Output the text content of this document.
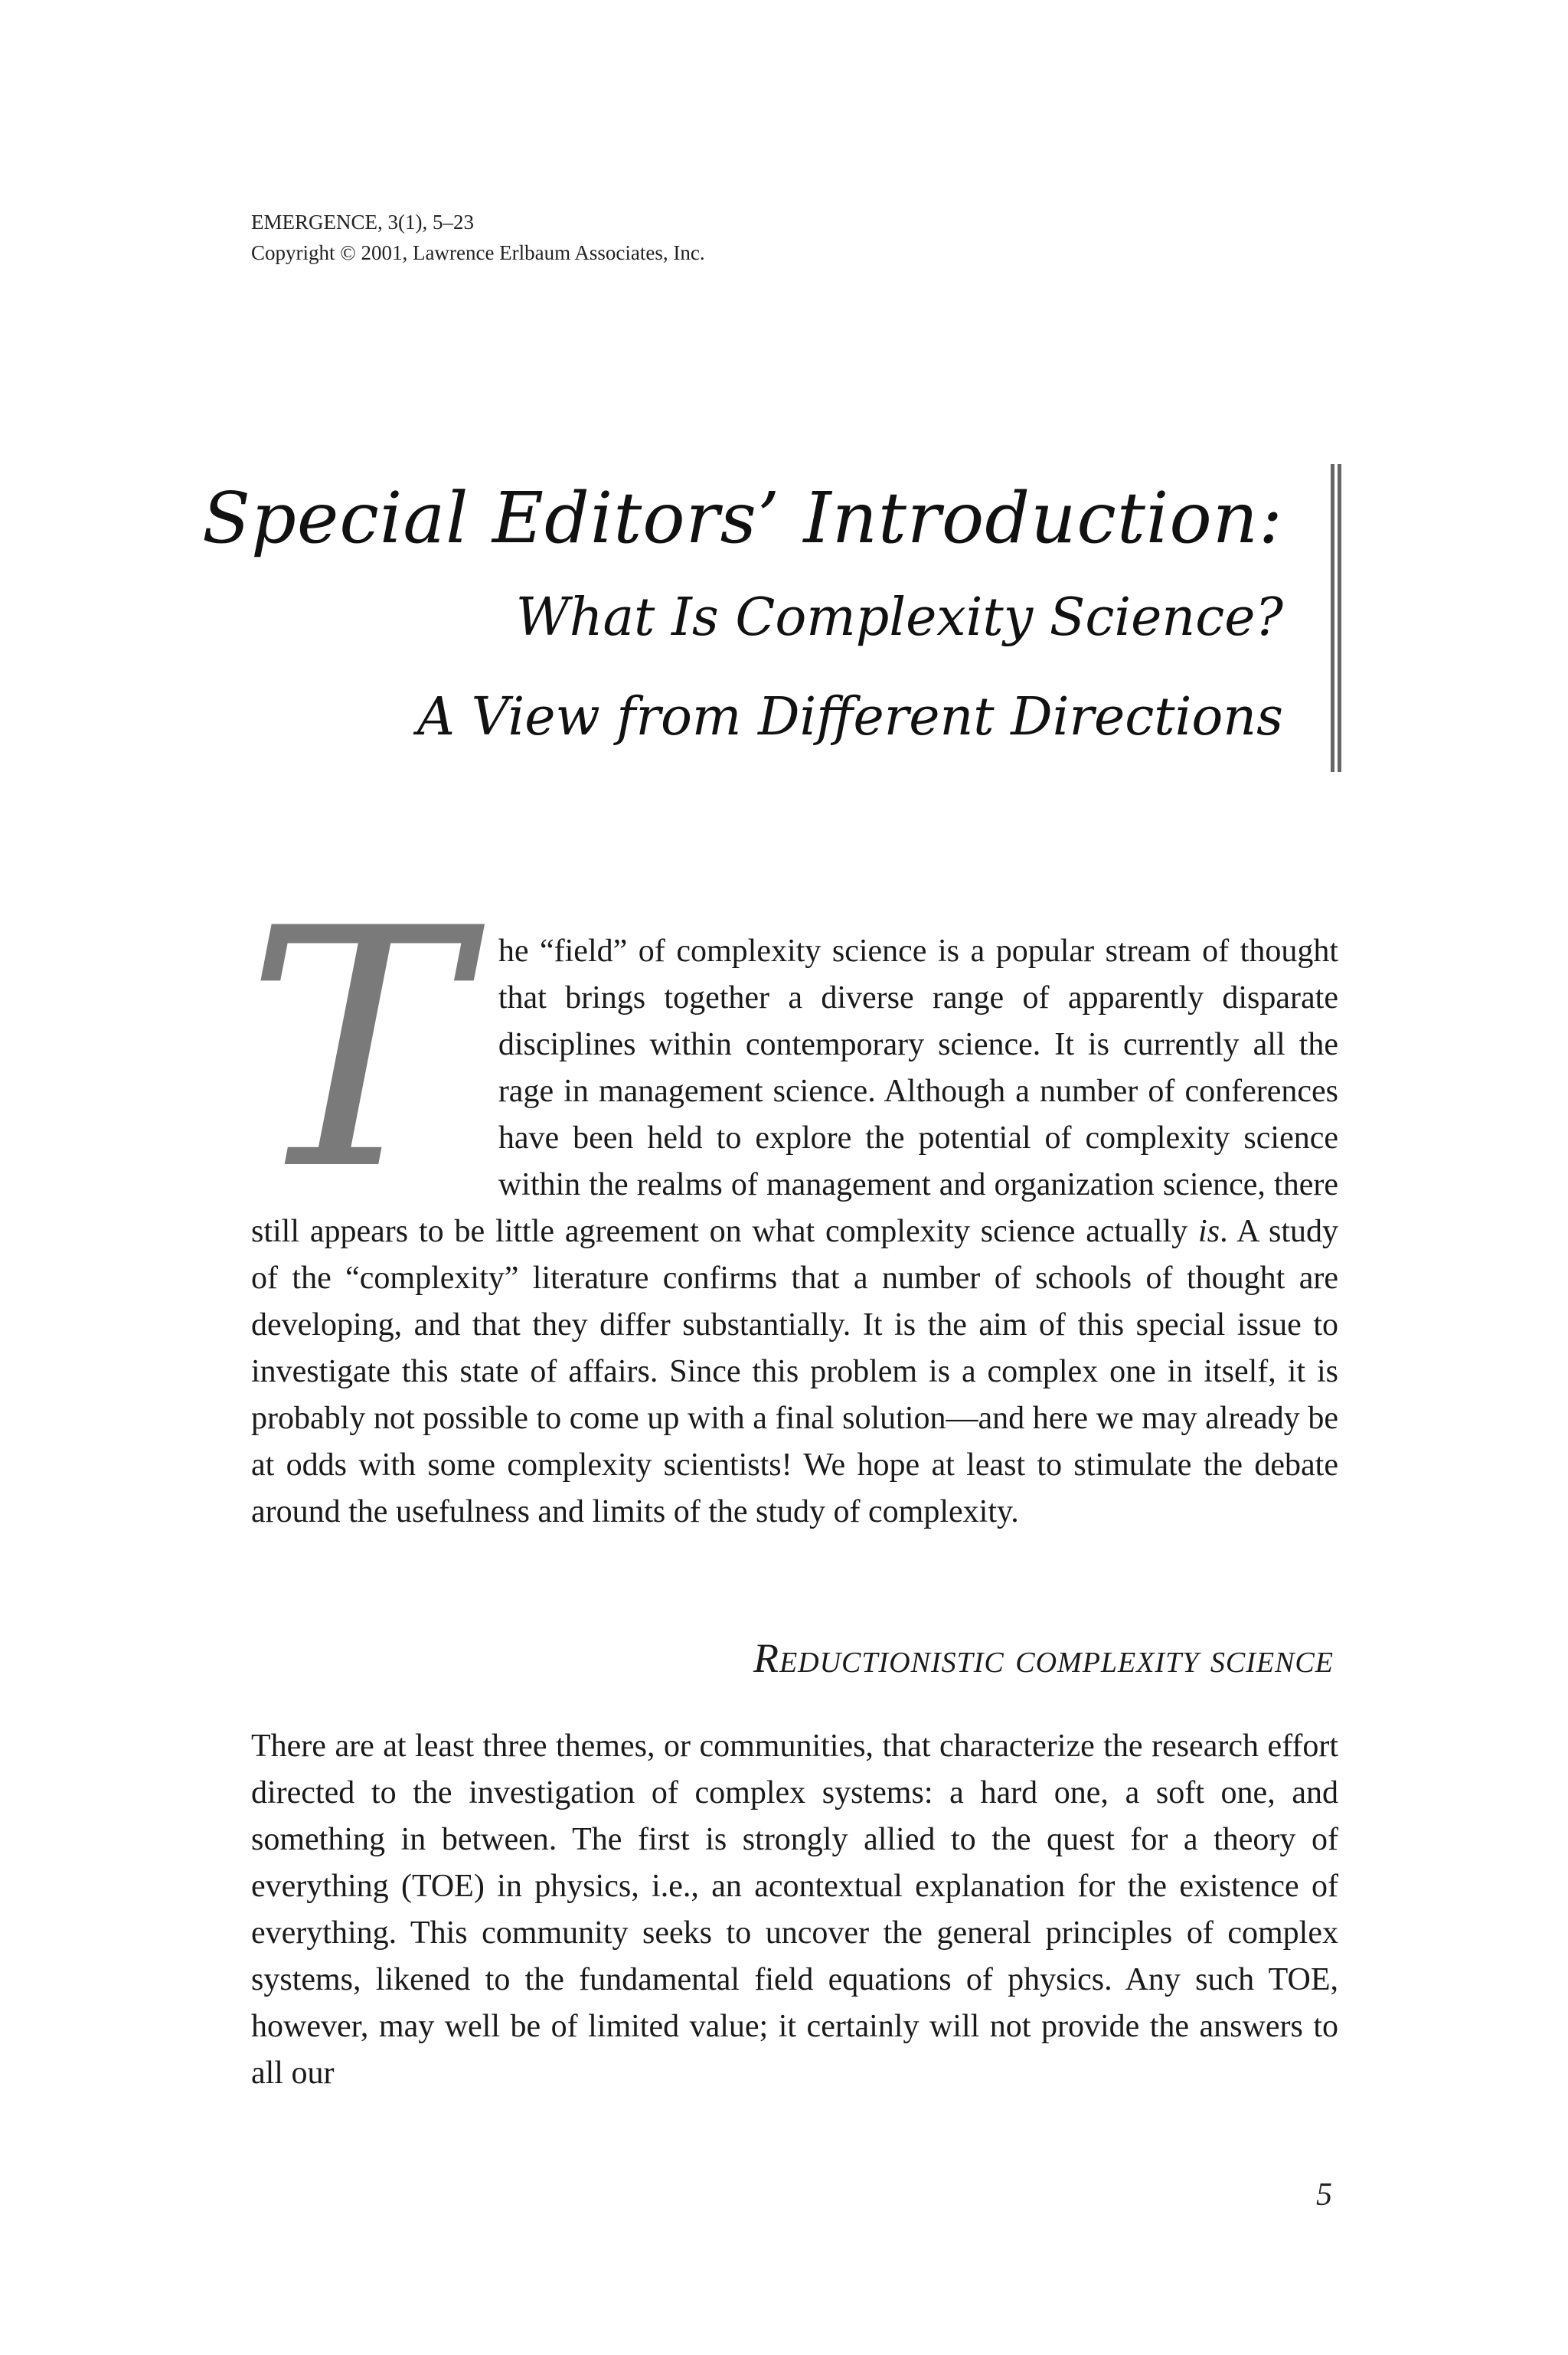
EMERGENCE, 3(1), 5–23
Copyright © 2001, Lawrence Erlbaum Associates, Inc.
Special Editors’ Introduction:
What Is Complexity Science?
A View from Different Directions
T he “field” of complexity science is a popular stream of thought that brings together a diverse range of apparently disparate disciplines within contemporary science. It is currently all the rage in management science. Although a number of conferences have been held to explore the potential of complexity science within the realms of management and organization science, there still appears to be little agreement on what complexity science actually is. A study of the “complexity” literature confirms that a number of schools of thought are developing, and that they differ substantially. It is the aim of this special issue to investigate this state of affairs. Since this problem is a complex one in itself, it is probably not possible to come up with a final solution—and here we may already be at odds with some complexity scientists! We hope at least to stimulate the debate around the usefulness and limits of the study of complexity.
Reductionistic complexity science
There are at least three themes, or communities, that characterize the research effort directed to the investigation of complex systems: a hard one, a soft one, and something in between. The first is strongly allied to the quest for a theory of everything (TOE) in physics, i.e., an acontextual explanation for the existence of everything. This community seeks to uncover the general principles of complex systems, likened to the fundamental field equations of physics. Any such TOE, however, may well be of limited value; it certainly will not provide the answers to all our
5
